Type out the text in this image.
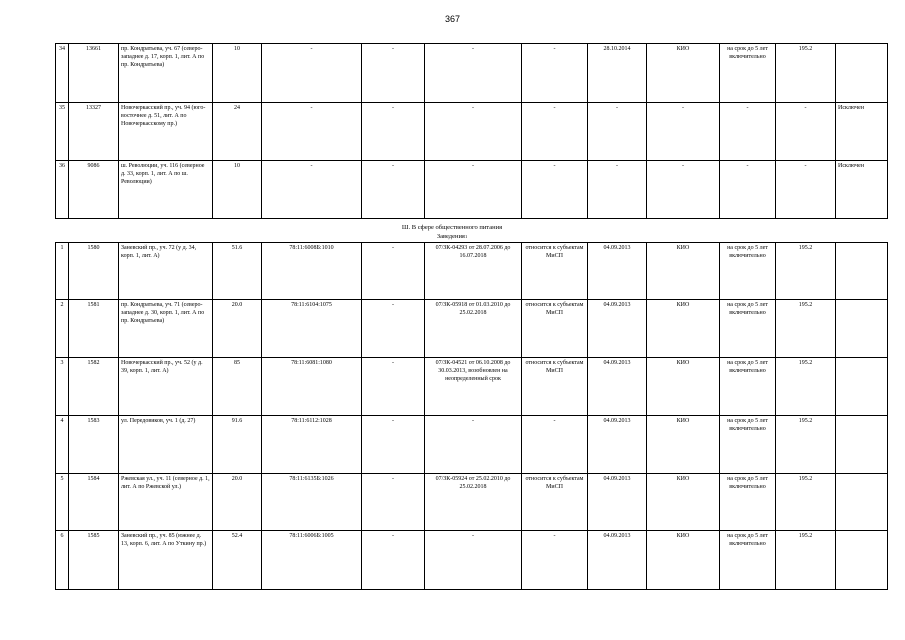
367
34	13661	пр. Кондратьева, уч. 67 (северо-западнее д. 17, корп. 1, лит. А по пр. Кондратьева)	10	-	-	-	-	28.10.2014	КИО	на срок до 5 лет включительно	195.2	
35	13327	Новочеркасский пр., уч. 94 (юго-восточнее д. 51, лит. А по Новочеркасскому пр.)	24	-	-	-	-	-	-	-	-	Исключен
36	9086	ш. Революции, уч. 116 (северное д. 33, корп. 1, лит. А по ш. Революции)	10	-	-	-	-	-	-	-	-	Исключен
Ш. В сфере общественного питания
Заведения$^1$
1	1580	Заневский пр., уч. 72 (у д. 34, корп. 1, лит. А)	51.6	78:11:6008Б:1010	-	07/ЗК-04293 от 28.07.2006 до 16.07.2018	относится к субъектам МиСП	04.09.2013	КИО	на срок до 5 лет включительно	195.2	
2	1581	пр. Кондратьева, уч. 71 (северо-западнее д. 30, корп. 1, лит. А по пр. Кондратьева)	20.0	78:11:6104:1075	-	07/ЗК-05918 от 01.03.2010 до 25.02.2018	относится к субъектам МиСП	04.09.2013	КИО	на срок до 5 лет включительно	195.2	
3	1582	Новочеркасский пр., уч. 52 (у д. 39, корп. 1, лит. А)	85	78:11:6081:1080	-	07/ЗК-04521 от 06.10.2008 до 30.03.2013, возобновлен на неопределенный срок	относится к субъектам МиСП	04.09.2013	КИО	на срок до 5 лет включительно	195.2	
4	1583	ул. Передовиков, уч. 1 (д. 27)	91.6	78:11:6112:1028	-	-	-	04.09.2013	КИО	на срок до 5 лет включительно	195.2	
5	1584	Ржевская ул., уч. 11 (северное д. 1, лит. А по Ржевской ул.)	20.0	78:11:6135Б:1026	-	07/ЗК-05924 от 25.02.2010 до 25.02.2018	относится к субъектам МиСП	04.09.2013	КИО	на срок до 5 лет включительно	195.2	
6	1585	Заневский пр., уч. 85 (южнее д. 13, корп. 6, лит. А по Уткину пр.)	52.4	78:11:6006Б:1005	-	-	-	04.09.2013	КИО	на срок до 5 лет включительно	195.2	
